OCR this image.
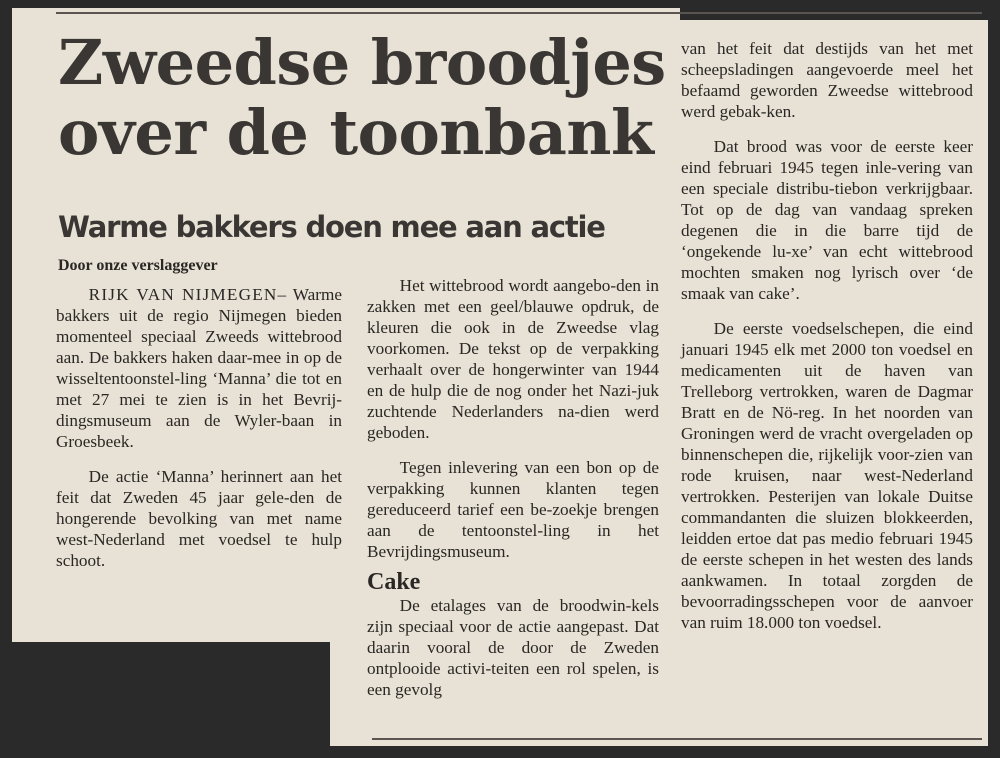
Zweedse broodjes
over de toonbank
Warme bakkers doen mee aan actie
Door onze verslaggever

RIJK VAN NIJMEGEN– Warme bakkers uit de regio Nijmegen bieden momenteel speciaal Zweeds wittebrood aan. De bakkers haken daar-mee in op de wisseltentoonstel-ling ‘Manna’ die tot en met 27 mei te zien is in het Bevrij-dingsmuseum aan de Wyler-baan in Groesbeek.

De actie ‘Manna’ herinnert aan het feit dat Zweden 45 jaar gele-den de hongerende bevolking van met name west-Nederland met voedsel te hulp schoot.

Het wittebrood wordt aangebo-den in zakken met een geel/blauwe opdruk, de kleuren die ook in de Zweedse vlag voorkomen. De tekst op de verpakking verhaalt over de hongerwinter van 1944 en de hulp die de nog onder het Nazi-juk zuchtende Nederlanders na-dien werd geboden.

Tegen inlevering van een bon op de verpakking kunnen klanten tegen gereduceerd tarief een be-zoekje brengen aan de tentoonstel-ling in het Bevrijdingsmuseum.

Cake

De etalages van de broodwin-kels zijn speciaal voor de actie aangepast. Dat daarin vooral de door de Zweden ontplooide activi-teiten een rol spelen, is een gevolg

van het feit dat destijds van het met scheepsladingen aangevoerde meel het befaamd geworden Zweedse wittebrood werd gebak-ken.

Dat brood was voor de eerste keer eind februari 1945 tegen inle-vering van een speciale distribu-tiebon verkrijgbaar. Tot op de dag van vandaag spreken degenen die in die barre tijd de ‘ongekende lu-xe’ van echt wittebrood mochten smaken nog lyrisch over ‘de smaak van cake’.

De eerste voedselschepen, die eind januari 1945 elk met 2000 ton voedsel en medicamenten uit de haven van Trelleborg vertrokken, waren de Dagmar Bratt en de Nö-reg. In het noorden van Groningen werd de vracht overgeladen op binnenschepen die, rijkelijk voor-zien van rode kruisen, naar west-Nederland vertrokken. Pesterijen van lokale Duitse commandanten die sluizen blokkeerden, leidden ertoe dat pas medio februari 1945 de eerste schepen in het westen des lands aankwamen. In totaal zorgden de bevoorradingsschepen voor de aanvoer van ruim 18.000 ton voedsel.
